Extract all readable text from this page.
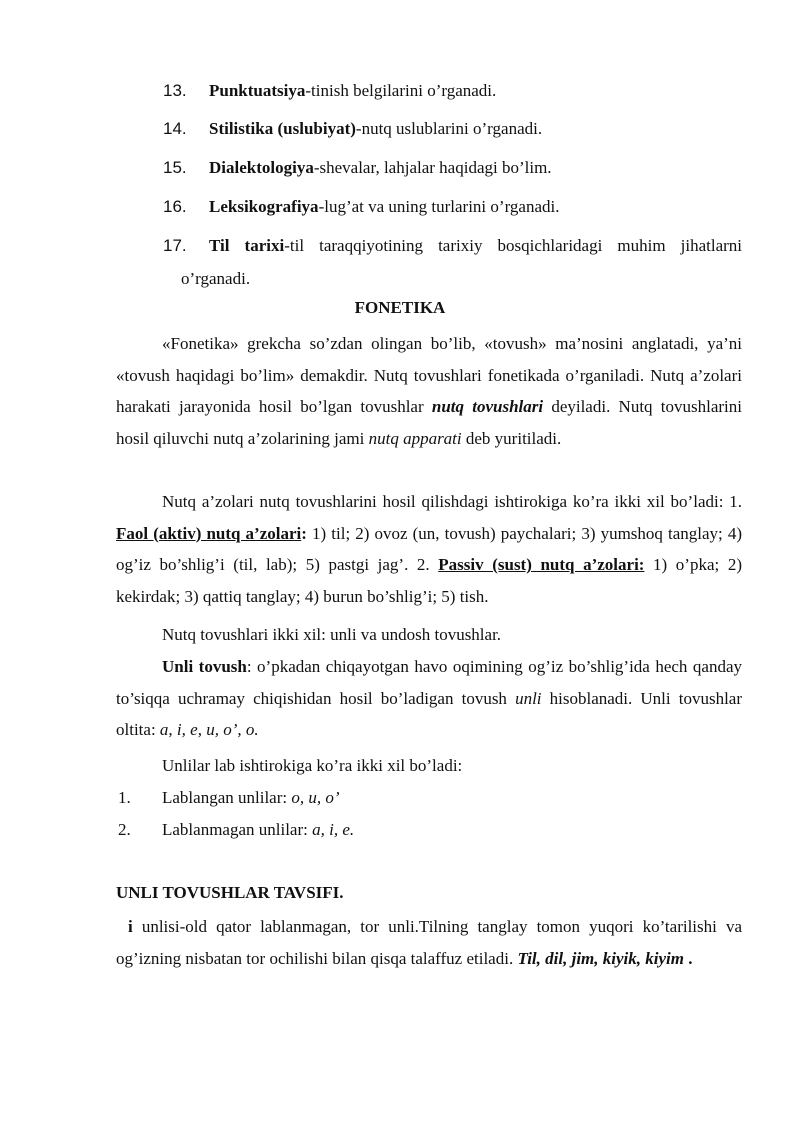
13. Punktuatsiya-tinish belgilarini o’rganadi.
14. Stilistika (uslubiyat)-nutq uslublarini o’rganadi.
15. Dialektologiya-shevalar, lahjalar haqidagi bo’lim.
16. Leksikografiya-lug’at va uning turlarini o’rganadi.
17. Til tarixi-til taraqqiyotining tarixiy bosqichlaridagi muhim jihatlarni
o’rganadi.
FONETIKA
«Fonetika» grekcha so’zdan olingan bo’lib, «tovush» ma’nosini anglatadi, ya’ni «tovush haqidagi bo’lim» demakdir. Nutq tovushlari fonetikada o’rganiladi. Nutq a’zolari harakati jarayonida hosil bo’lgan tovushlar nutq tovushlari deyiladi. Nutq tovushlarini hosil qiluvchi nutq a’zolarining jami nutq apparati deb yuritiladi.
Nutq a’zolari nutq tovushlarini hosil qilishdagi ishtirokiga ko’ra ikki xil bo’ladi: 1. Faol (aktiv) nutq a’zolari: 1) til; 2) ovoz (un, tovush) paychalari; 3) yumshoq tanglay; 4) og’iz bo’shlig’i (til, lab); 5) pastgi jag’. 2. Passiv (sust) nutq a’zolari: 1) o’pka; 2) kekirdak; 3) qattiq tanglay; 4) burun bo’shlig’i; 5) tish.
Nutq tovushlari ikki xil: unli va undosh tovushlar.
Unli tovush: o’pkadan chiqayotgan havo oqimining og’iz bo’shlig’ida hech qanday to’siqqa uchramay chiqishidan hosil bo’ladigan tovush unli hisoblanadi. Unli tovushlar oltita: a, i, e, u, o’, o.
Unlilar lab ishtirokiga ko’ra ikki xil bo’ladi:
1. Lablangan unlilar: o, u, o’
2. Lablanmagan unlilar: a, i, e.
UNLI TOVUSHLAR TAVSIFI.
i unlisi-old qator lablanmagan, tor unli.Tilning tanglay tomon yuqori ko’tarilishi va og’izning nisbatan tor ochilishi bilan qisqa talaffuz etiladi. Til, dil, jim, kiyik, kiyim .
